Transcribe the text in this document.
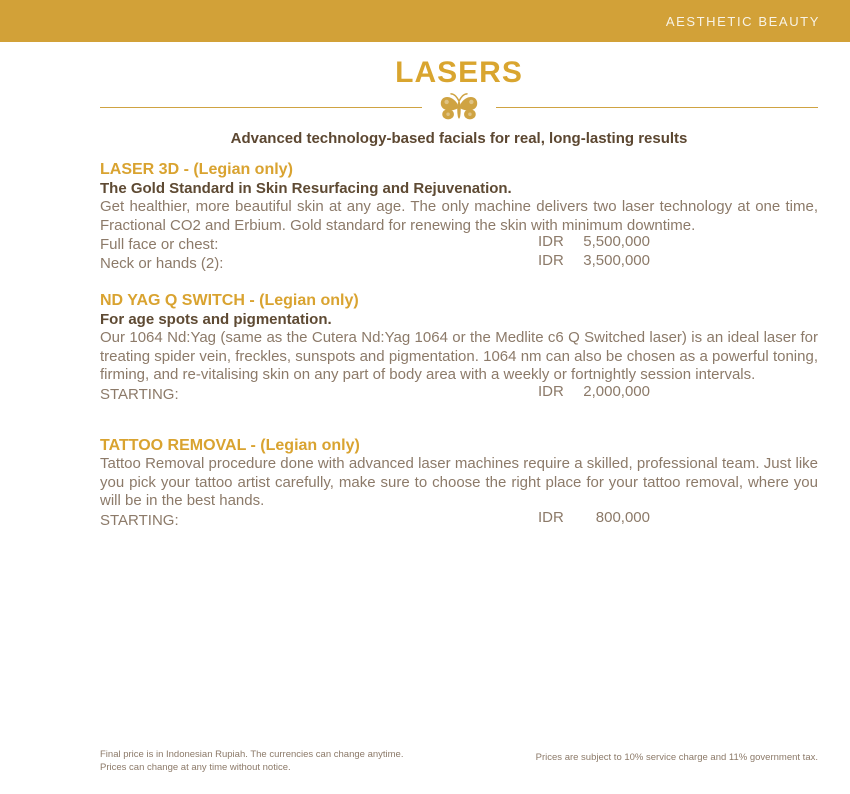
AESTHETIC BEAUTY
LASERS
Advanced technology-based facials for real, long-lasting results
LASER 3D - (Legian only)
The Gold Standard in Skin Resurfacing and Rejuvenation.

Get healthier, more beautiful skin at any age. The only machine delivers two laser technology at one time, Fractional CO2 and Erbium. Gold standard for renewing the skin with minimum downtime.

Full face or chest:	IDR 5,500,000
Neck or hands (2):	IDR 3,500,000
ND YAG Q SWITCH - (Legian only)
For age spots and pigmentation.

Our 1064 Nd:Yag (same as the Cutera Nd:Yag 1064 or the Medlite c6 Q Switched laser) is an ideal laser for treating spider vein, freckles, sunspots and pigmentation. 1064 nm can also be chosen as a powerful toning, firming, and re-vitalising skin on any part of body area with a weekly or fortnightly session intervals.

STARTING:	IDR 2,000,000
TATTOO REMOVAL - (Legian only)

Tattoo Removal procedure done with advanced laser machines require a skilled, professional team. Just like you pick your tattoo artist carefully, make sure to choose the right place for your tattoo removal, where you will be in the best hands.

STARTING:	IDR 800,000
Final price is in Indonesian Rupiah. The currencies can change anytime.
Prices can change at any time without notice.
Prices are subject to 10% service charge and 11% government tax.
